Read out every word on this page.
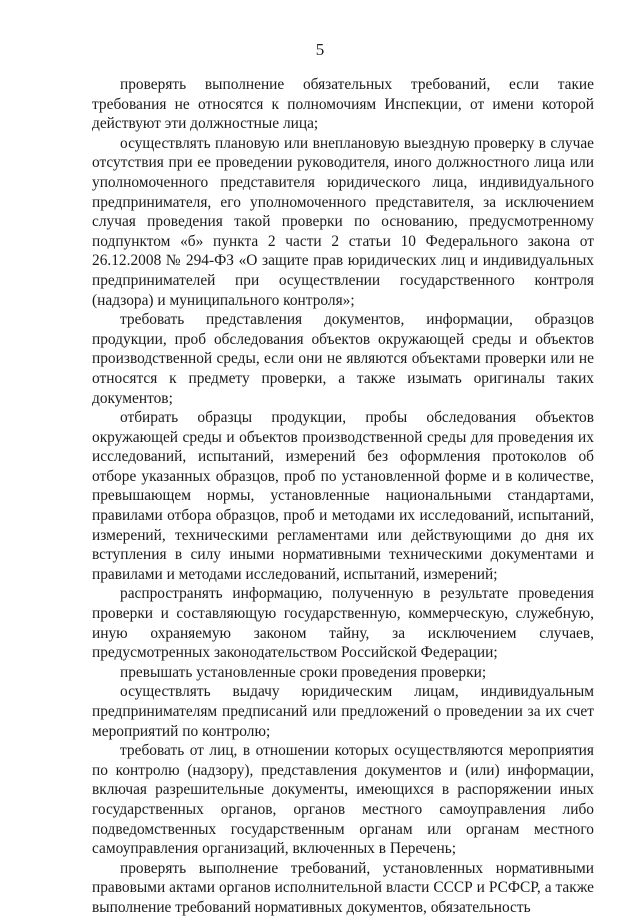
5

проверять выполнение обязательных требований, если такие требования не относятся к полномочиям Инспекции, от имени которой действуют эти должностные лица;

осуществлять плановую или внеплановую выездную проверку в случае отсутствия при ее проведении руководителя, иного должностного лица или уполномоченного представителя юридического лица, индивидуального предпринимателя, его уполномоченного представителя, за исключением случая проведения такой проверки по основанию, предусмотренному подпунктом «б» пункта 2 части 2 статьи 10 Федерального закона от 26.12.2008 № 294-ФЗ «О защите прав юридических лиц и индивидуальных предпринимателей при осуществлении государственного контроля (надзора) и муниципального контроля»;

требовать представления документов, информации, образцов продукции, проб обследования объектов окружающей среды и объектов производственной среды, если они не являются объектами проверки или не относятся к предмету проверки, а также изымать оригиналы таких документов;

отбирать образцы продукции, пробы обследования объектов окружающей среды и объектов производственной среды для проведения их исследований, испытаний, измерений без оформления протоколов об отборе указанных образцов, проб по установленной форме и в количестве, превышающем нормы, установленные национальными стандартами, правилами отбора образцов, проб и методами их исследований, испытаний, измерений, техническими регламентами или действующими до дня их вступления в силу иными нормативными техническими документами и правилами и методами исследований, испытаний, измерений;

распространять информацию, полученную в результате проведения проверки и составляющую государственную, коммерческую, служебную, иную охраняемую законом тайну, за исключением случаев, предусмотренных законодательством Российской Федерации;

превышать установленные сроки проведения проверки;

осуществлять выдачу юридическим лицам, индивидуальным предпринимателям предписаний или предложений о проведении за их счет мероприятий по контролю;

требовать от лиц, в отношении которых осуществляются мероприятия по контролю (надзору), представления документов и (или) информации, включая разрешительные документы, имеющихся в распоряжении иных государственных органов, органов местного самоуправления либо подведомственных государственным органам или органам местного самоуправления организаций, включенных в Перечень;

проверять выполнение требований, установленных нормативными правовыми актами органов исполнительной власти СССР и РСФСР, а также выполнение требований нормативных документов, обязательность
